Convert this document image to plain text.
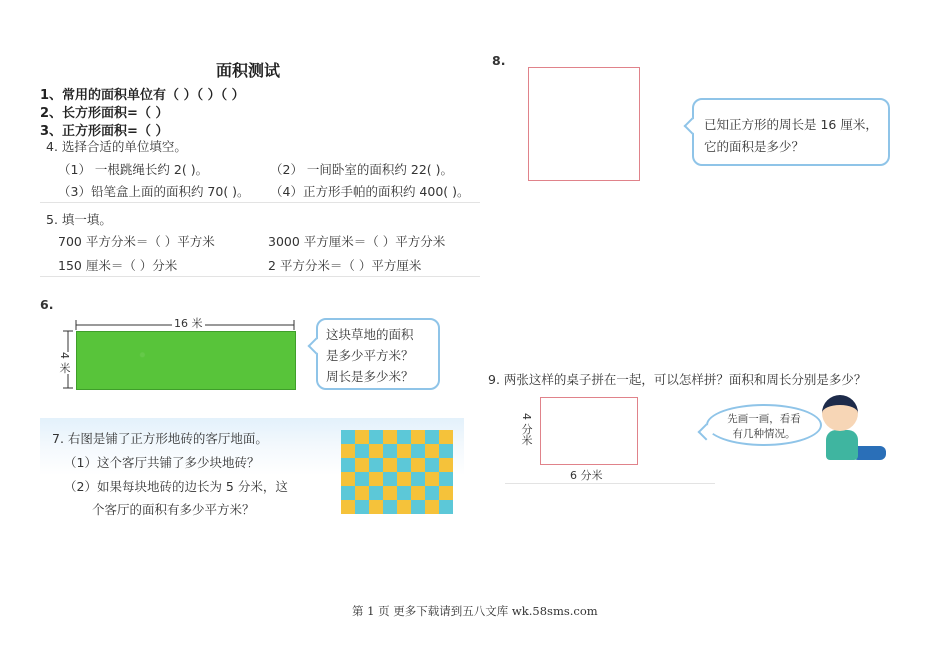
面积测试
1、常用的面积单位有（ ）（ ）（ ）
2、长方形面积=（ ）
3、正方形面积=（ ）
4. 选择合适的单位填空。
（1） 一根跳绳长约 2( )。	（2） 一间卧室的面积约 22( )。
（3）铅笔盒上面的面积约 70( )。 （4）正方形手帕的面积约 400( )。
5. 填一填。
700 平方分米＝（ ）平方米	3000 平方厘米＝（ ）平方分米
150 厘米＝（ ）分米	2 平方分米＝（ ）平方厘米
6.
16 米
4 米
这块草地的面积
是多少平方米？
周长是多少米？
7. 右图是铺了正方形地砖的客厅地面。
（1）这个客厅共铺了多少块地砖？
（2）如果每块地砖的边长为 5 分米，这
个客厅的面积有多少平方米？
8.
已知正方形的周长是 16 厘米，
它的面积是多少？
9. 两张这样的桌子拼在一起，可以怎样拼？面积和周长分别是多少？
4 分米
6 分米
先画一画，看看
有几种情况。
第 1 页 更多下载请到五八文库 wk.58sms.com
